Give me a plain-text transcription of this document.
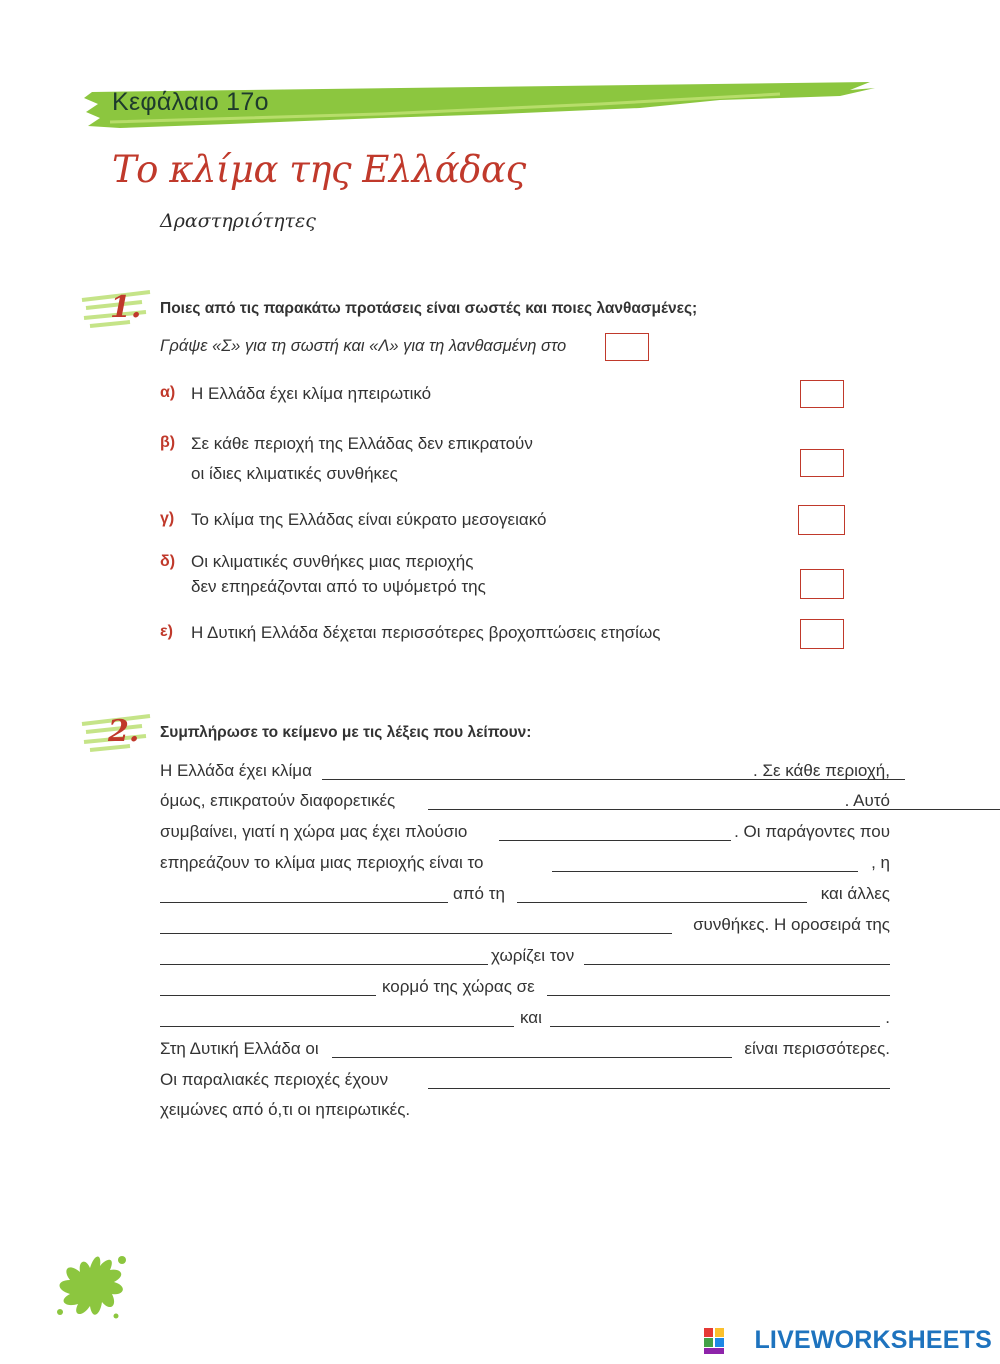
Κεφάλαιο 17ο
Το κλίμα της Ελλάδας
Δραστηριότητες
1. Ποιες από τις παρακάτω προτάσεις είναι σωστές και ποιες λανθασμένες;
Γράψε «Σ» για τη σωστή και «Λ» για τη λανθασμένη στο
α) Η Ελλάδα έχει κλίμα ηπειρωτικό
β) Σε κάθε περιοχή της Ελλάδας δεν επικρατούν
οι ίδιες κλιματικές συνθήκες
γ) Το κλίμα της Ελλάδας είναι εύκρατο μεσογειακό
δ) Οι κλιματικές συνθήκες μιας περιοχής
δεν επηρεάζονται από το υψόμετρό της
ε) Η Δυτική Ελλάδα δέχεται περισσότερες βροχοπτώσεις ετησίως
2. Συμπλήρωσε το κείμενο με τις λέξεις που λείπουν:
Η Ελλάδα έχει κλίμα	. Σε κάθε περιοχή,
όμως, επικρατούν διαφορετικές	. Αυτό
συμβαίνει, γιατί η χώρα μας έχει πλούσιο	. Οι παράγοντες που
επηρεάζουν το κλίμα μιας περιοχής είναι το	, η
από τη	και άλλες
συνθήκες. Η οροσειρά της
χωρίζει τον
κορμό της χώρας σε
και	.
Στη Δυτική Ελλάδα οι	είναι περισσότερες.
Οι παραλιακές περιοχές έχουν
χειμώνες από ό,τι οι ηπειρωτικές.
LIVEWORKSHEETS
